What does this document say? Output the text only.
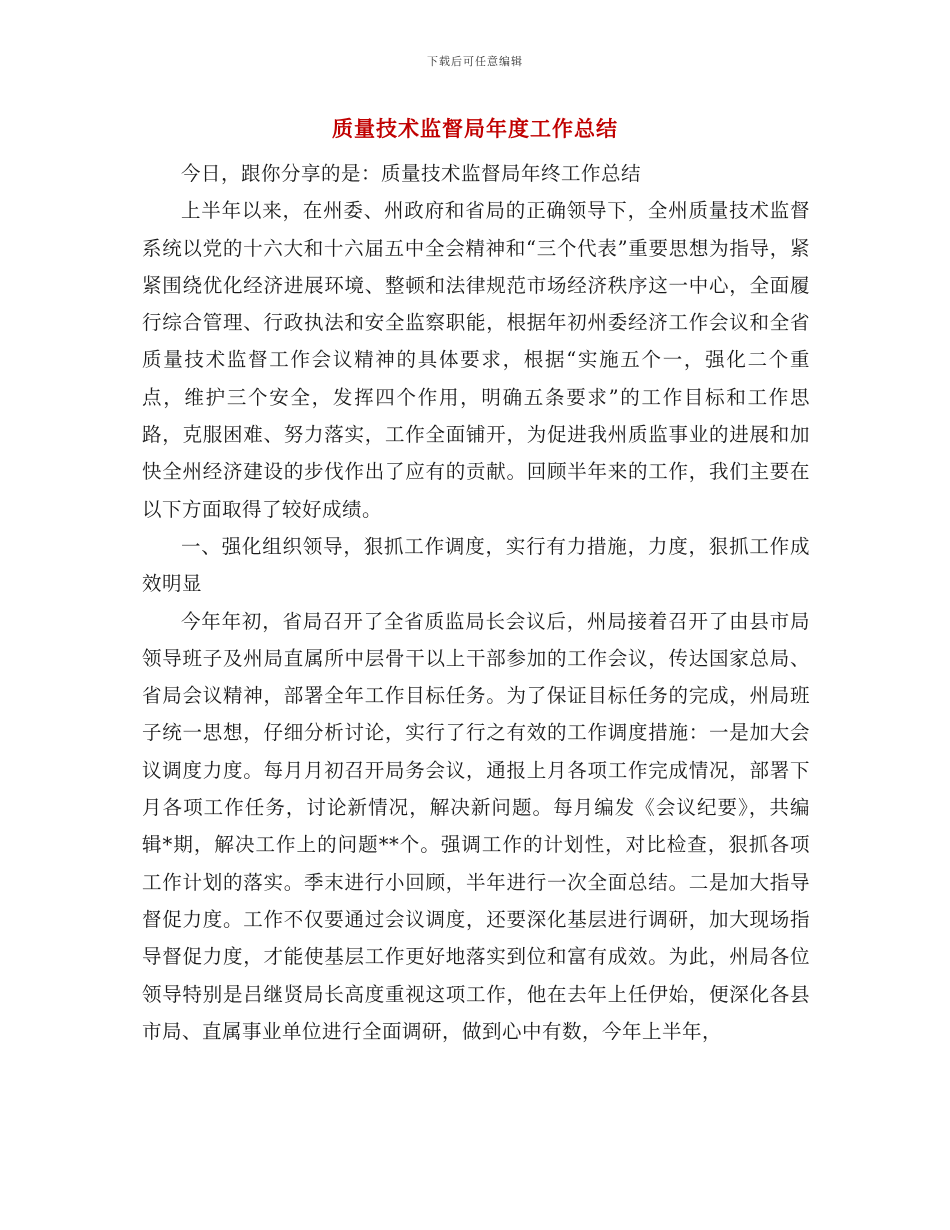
下载后可任意编辑
质量技术监督局年度工作总结

今日，跟你分享的是：质量技术监督局年终工作总结

上半年以来，在州委、州政府和省局的正确领导下，全州质量技术监督系统以党的十六大和十六届五中全会精神和“三个代表”重要思想为指导，紧紧围绕优化经济进展环境、整顿和法律规范市场经济秩序这一中心，全面履行综合管理、行政执法和安全监察职能，根据年初州委经济工作会议和全省质量技术监督工作会议精神的具体要求，根据“实施五个一，强化二个重点，维护三个安全，发挥四个作用，明确五条要求”的工作目标和工作思路，克服困难、努力落实，工作全面铺开，为促进我州质监事业的进展和加快全州经济建设的步伐作出了应有的贡献。回顾半年来的工作，我们主要在以下方面取得了较好成绩。

一、强化组织领导，狠抓工作调度，实行有力措施，力度，狠抓工作成效明显

今年年初，省局召开了全省质监局长会议后，州局接着召开了由县市局领导班子及州局直属所中层骨干以上干部参加的工作会议，传达国家总局、省局会议精神，部署全年工作目标任务。为了保证目标任务的完成，州局班子统一思想，仔细分析讨论，实行了行之有效的工作调度措施：一是加大会议调度力度。每月月初召开局务会议，通报上月各项工作完成情况，部署下月各项工作任务，讨论新情况，解决新问题。每月编发《会议纪要》，共编辑*期，解决工作上的问题**个。强调工作的计划性，对比检查，狠抓各项工作计划的落实。季末进行小回顾，半年进行一次全面总结。二是加大指导督促力度。工作不仅要通过会议调度，还要深化基层进行调研，加大现场指导督促力度，才能使基层工作更好地落实到位和富有成效。为此，州局各位领导特别是吕继贤局长高度重视这项工作，他在去年上任伊始，便深化各县市局、直属事业单位进行全面调研，做到心中有数，今年上半年，
